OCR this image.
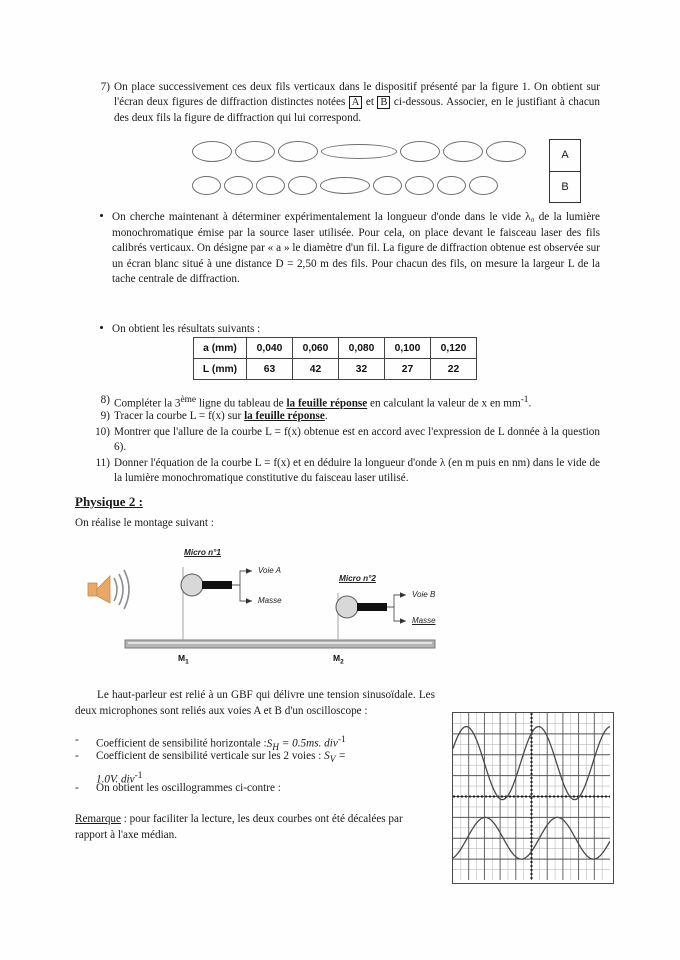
7) On place successivement ces deux fils verticaux dans le dispositif présenté par la figure 1. On obtient sur l'écran deux figures de diffraction distinctes notées A et B ci-dessous. Associer, en le justifiant à chacun des deux fils la figure de diffraction qui lui correspond.
A
B
On cherche maintenant à déterminer expérimentalement la longueur d'onde dans le vide λ₀ de la lumière monochromatique émise par la source laser utilisée. Pour cela, on place devant le faisceau laser des fils calibrés verticaux. On désigne par « a » le diamètre d'un fil. La figure de diffraction obtenue est observée sur un écran blanc situé à une distance D = 2,50 m des fils. Pour chacun des fils, on mesure la largeur L de la tache centrale de diffraction.
On obtient les résultats suivants :
a (mm)	0,040	0,060	0,080	0,100	0,120
L (mm)	63	42	32	27	22
8) Compléter la 3ème ligne du tableau de la feuille réponse en calculant la valeur de x en $mm^{-1}$.
9) Tracer la courbe L = f(x) sur la feuille réponse.
10) Montrer que l'allure de la courbe L = f(x) obtenue est en accord avec l'expression de L donnée à la question 6).
11) Donner l'équation de la courbe L = f(x) et en déduire la longueur d'onde λ (en m puis en nm) dans le vide de la lumière monochromatique constitutive du faisceau laser utilisé.
Physique 2 :
On réalise le montage suivant :
Micro n°1
Micro n°2
Voie A
Masse
Voie B
Masse
$M_1$	$M_2$
Le haut-parleur est relié à un GBF qui délivre une tension sinusoïdale. Les deux microphones sont reliés aux voies A et B d'un oscilloscope :
- Coefficient de sensibilité horizontale $:S_H = 0.5ms$. div$^{-1}$
- Coefficient de sensibilité verticale sur les 2 voies : $S_V$ =
1.0V. div$^{-1}$
- On obtient les oscillogrammes ci-contre :
Remarque : pour faciliter la lecture, les deux courbes ont été décalées par rapport à l'axe médian.
